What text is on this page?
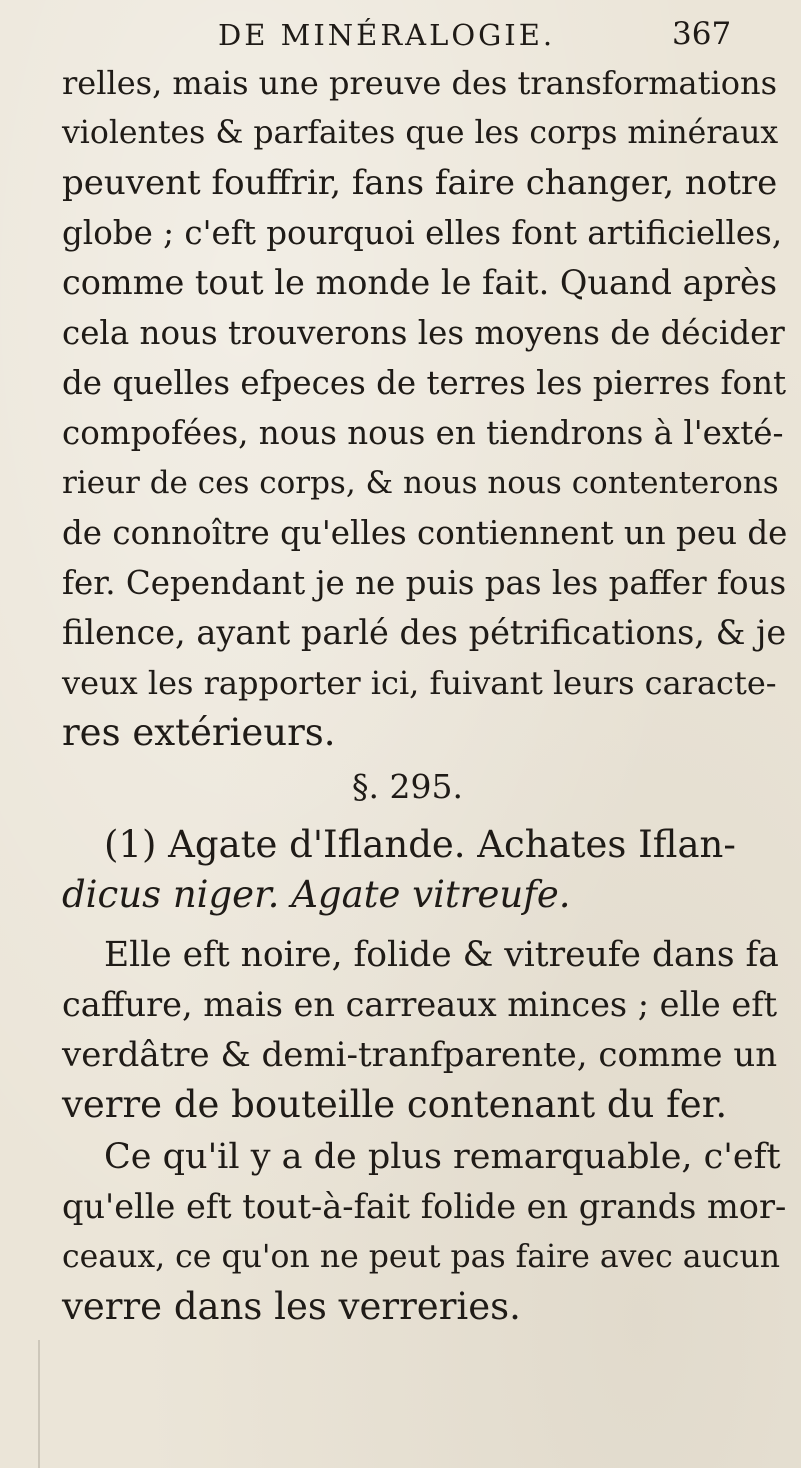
DE MINÉRALOGIE.	367
relles, mais une preuve des transformations
violentes & parfaites que les corps minéraux
peuvent fouffrir, fans faire changer, notre
globe ; c'eft pourquoi elles font artificielles,
comme tout le monde le fait. Quand après
cela nous trouverons les moyens de décider
de quelles efpeces de terres les pierres font
compofées, nous nous en tiendrons à l'exté-
rieur de ces corps, & nous nous contenterons
de connoître qu'elles contiennent un peu de
fer. Cependant je ne puis pas les paffer fous
filence, ayant parlé des pétrifications, & je
veux les rapporter ici, fuivant leurs caracte-
res extérieurs.
§. 295.
(1) Agate d'Iflande. Achates Iflan-
dicus niger. Agate vitreufe.
Elle eft noire, folide & vitreufe dans fa
caffure, mais en carreaux minces ; elle eft
verdâtre & demi-tranfparente, comme un
verre de bouteille contenant du fer.
Ce qu'il y a de plus remarquable, c'eft
qu'elle eft tout-à-fait folide en grands mor-
ceaux, ce qu'on ne peut pas faire avec aucun
verre dans les verreries.
